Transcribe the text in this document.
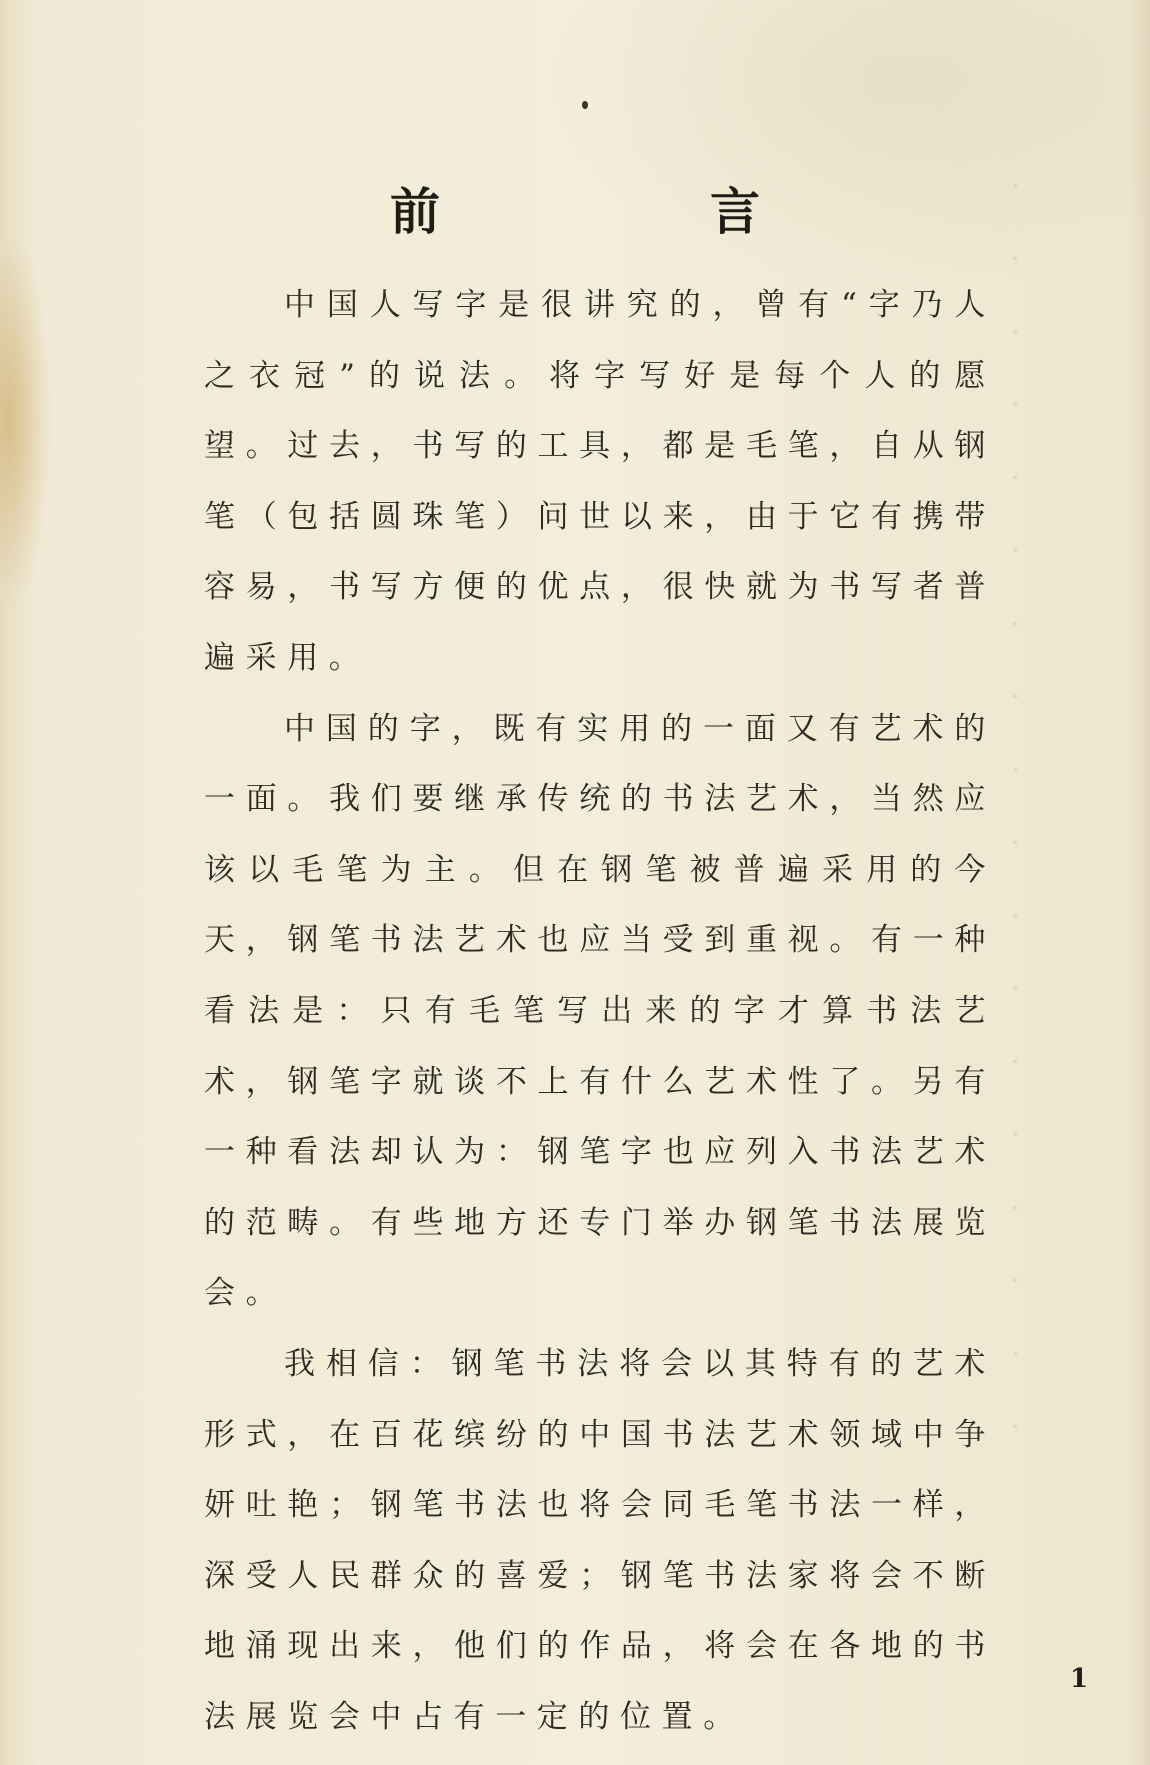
·
·
·
·
·
·
·
·
·
·
·
·
·
·
·
·
·
·
前　言

中国人写字是很讲究的，曾有“字乃人之衣冠”的说法。将字写好是每个人的愿望。过去，书写的工具，都是毛笔，自从钢笔（包括圆珠笔）问世以来，由于它有携带容易，书写方便的优点，很快就为书写者普遍采用。

中国的字，既有实用的一面又有艺术的一面。我们要继承传统的书法艺术，当然应该以毛笔为主。但在钢笔被普遍采用的今天，钢笔书法艺术也应当受到重视。有一种看法是：只有毛笔写出来的字才算书法艺术，钢笔字就谈不上有什么艺术性了。另有一种看法却认为：钢笔字也应列入书法艺术的范畴。有些地方还专门举办钢笔书法展览会。

我相信：钢笔书法将会以其特有的艺术形式，在百花缤纷的中国书法艺术领域中争妍吐艳；钢笔书法也将会同毛笔书法一样，深受人民群众的喜爱；钢笔书法家将会不断地涌现出来，他们的作品，将会在各地的书法展览会中占有一定的位置。

1
